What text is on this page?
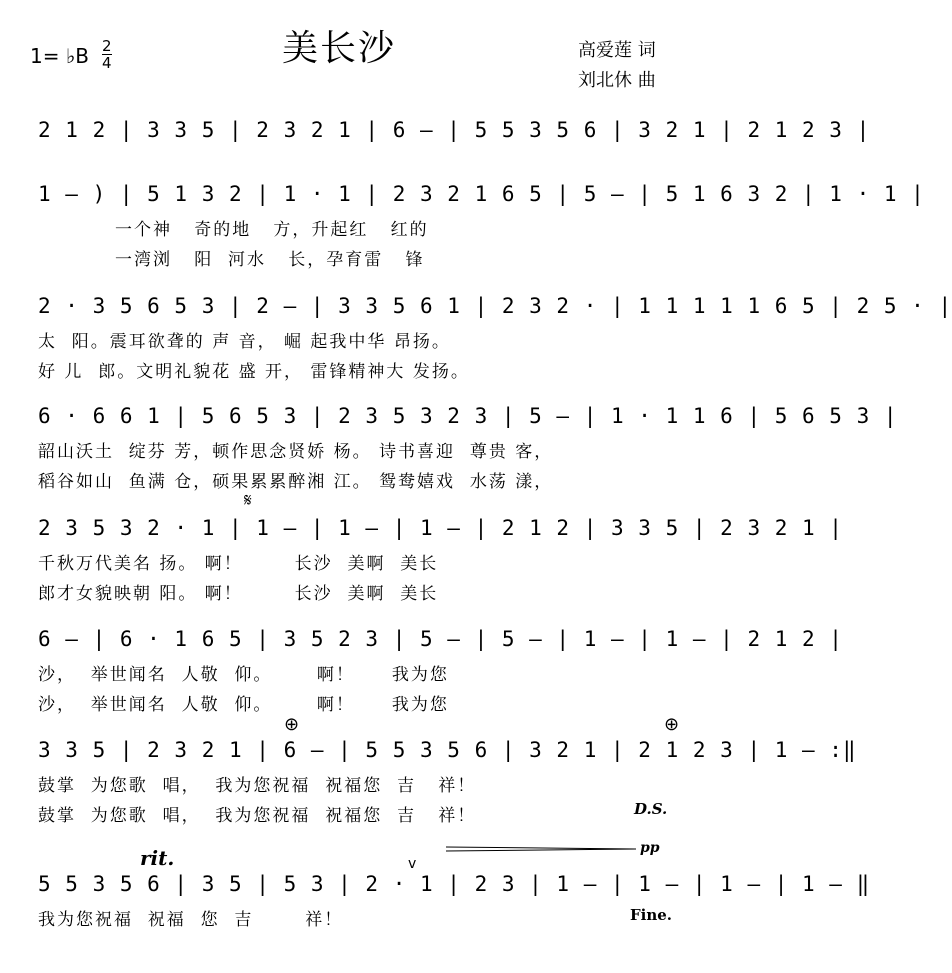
美长沙
1= ♭B 2
4
高爱莲 词
刘北休 曲
2 1 2 | 3 3 5 | 2 3 2 1 | 6 – | 5 5 3 5 6 | 3 2 1 | 2 1 2 3 |
1 – ) | 5 1 3 2 | 1 · 1 | 2 3 2 1 6 5 | 5 – | 5 1 6 3 2 | 1 · 1 |
一个神   奇的地   方，升起红   红的
一湾浏   阳  河水   长，孕育雷   锋
2 · 3 5 6 5 3 | 2 – | 3 3 5 6 1 | 2 3 2 · | 1 1 1 1 1 6 5 | 2 5 · |
太  阳。震耳欲聋的 声 音， 崛 起我中华 昂扬。
好 儿  郎。文明礼貌花 盛 开， 雷锋精神大 发扬。
6 · 6 6 1 | 5 6 5 3 | 2 3 5 3 2 3 | 5 – | 1 · 1 1 6 | 5 6 5 3 |
韶山沃土  绽芬 芳，顿作思念贤娇 杨。 诗书喜迎  尊贵 客，
稻谷如山  鱼满 仓，硕果累累醉湘 江。 鸳鸯嬉戏  水荡 漾，
𝄋
2 3 5 3 2 · 1 | 1 – | 1 – | 1 – | 2 1 2 | 3 3 5 | 2 3 2 1 |
千秋万代美名 扬。 啊！       长沙  美啊  美长
郎才女貌映朝 阳。 啊！       长沙  美啊  美长
6 – | 6 · 1 6 5 | 3 5 2 3 | 5 – | 5 – | 1 – | 1 – | 2 1 2 |
沙，  举世闻名  人敬  仰。      啊！     我为您
沙，  举世闻名  人敬  仰。      啊！     我为您
⊕	⊕
3 3 5 | 2 3 2 1 | 6 – | 5 5 3 5 6 | 3 2 1 | 2 1 2 3 | 1 – :‖
鼓掌  为您歌  唱，  我为您祝福  祝福您  吉   祥！
鼓掌  为您歌  唱，  我为您祝福  祝福您  吉   祥！	D.S.
rit.	pp
v
5 5 3 5 6 | 3 5 | 5 3 | 2 · 1 | 2 3 | 1 – | 1 – | 1 – | 1 – ‖
我为您祝福  祝福  您  吉       祥！	Fine.
